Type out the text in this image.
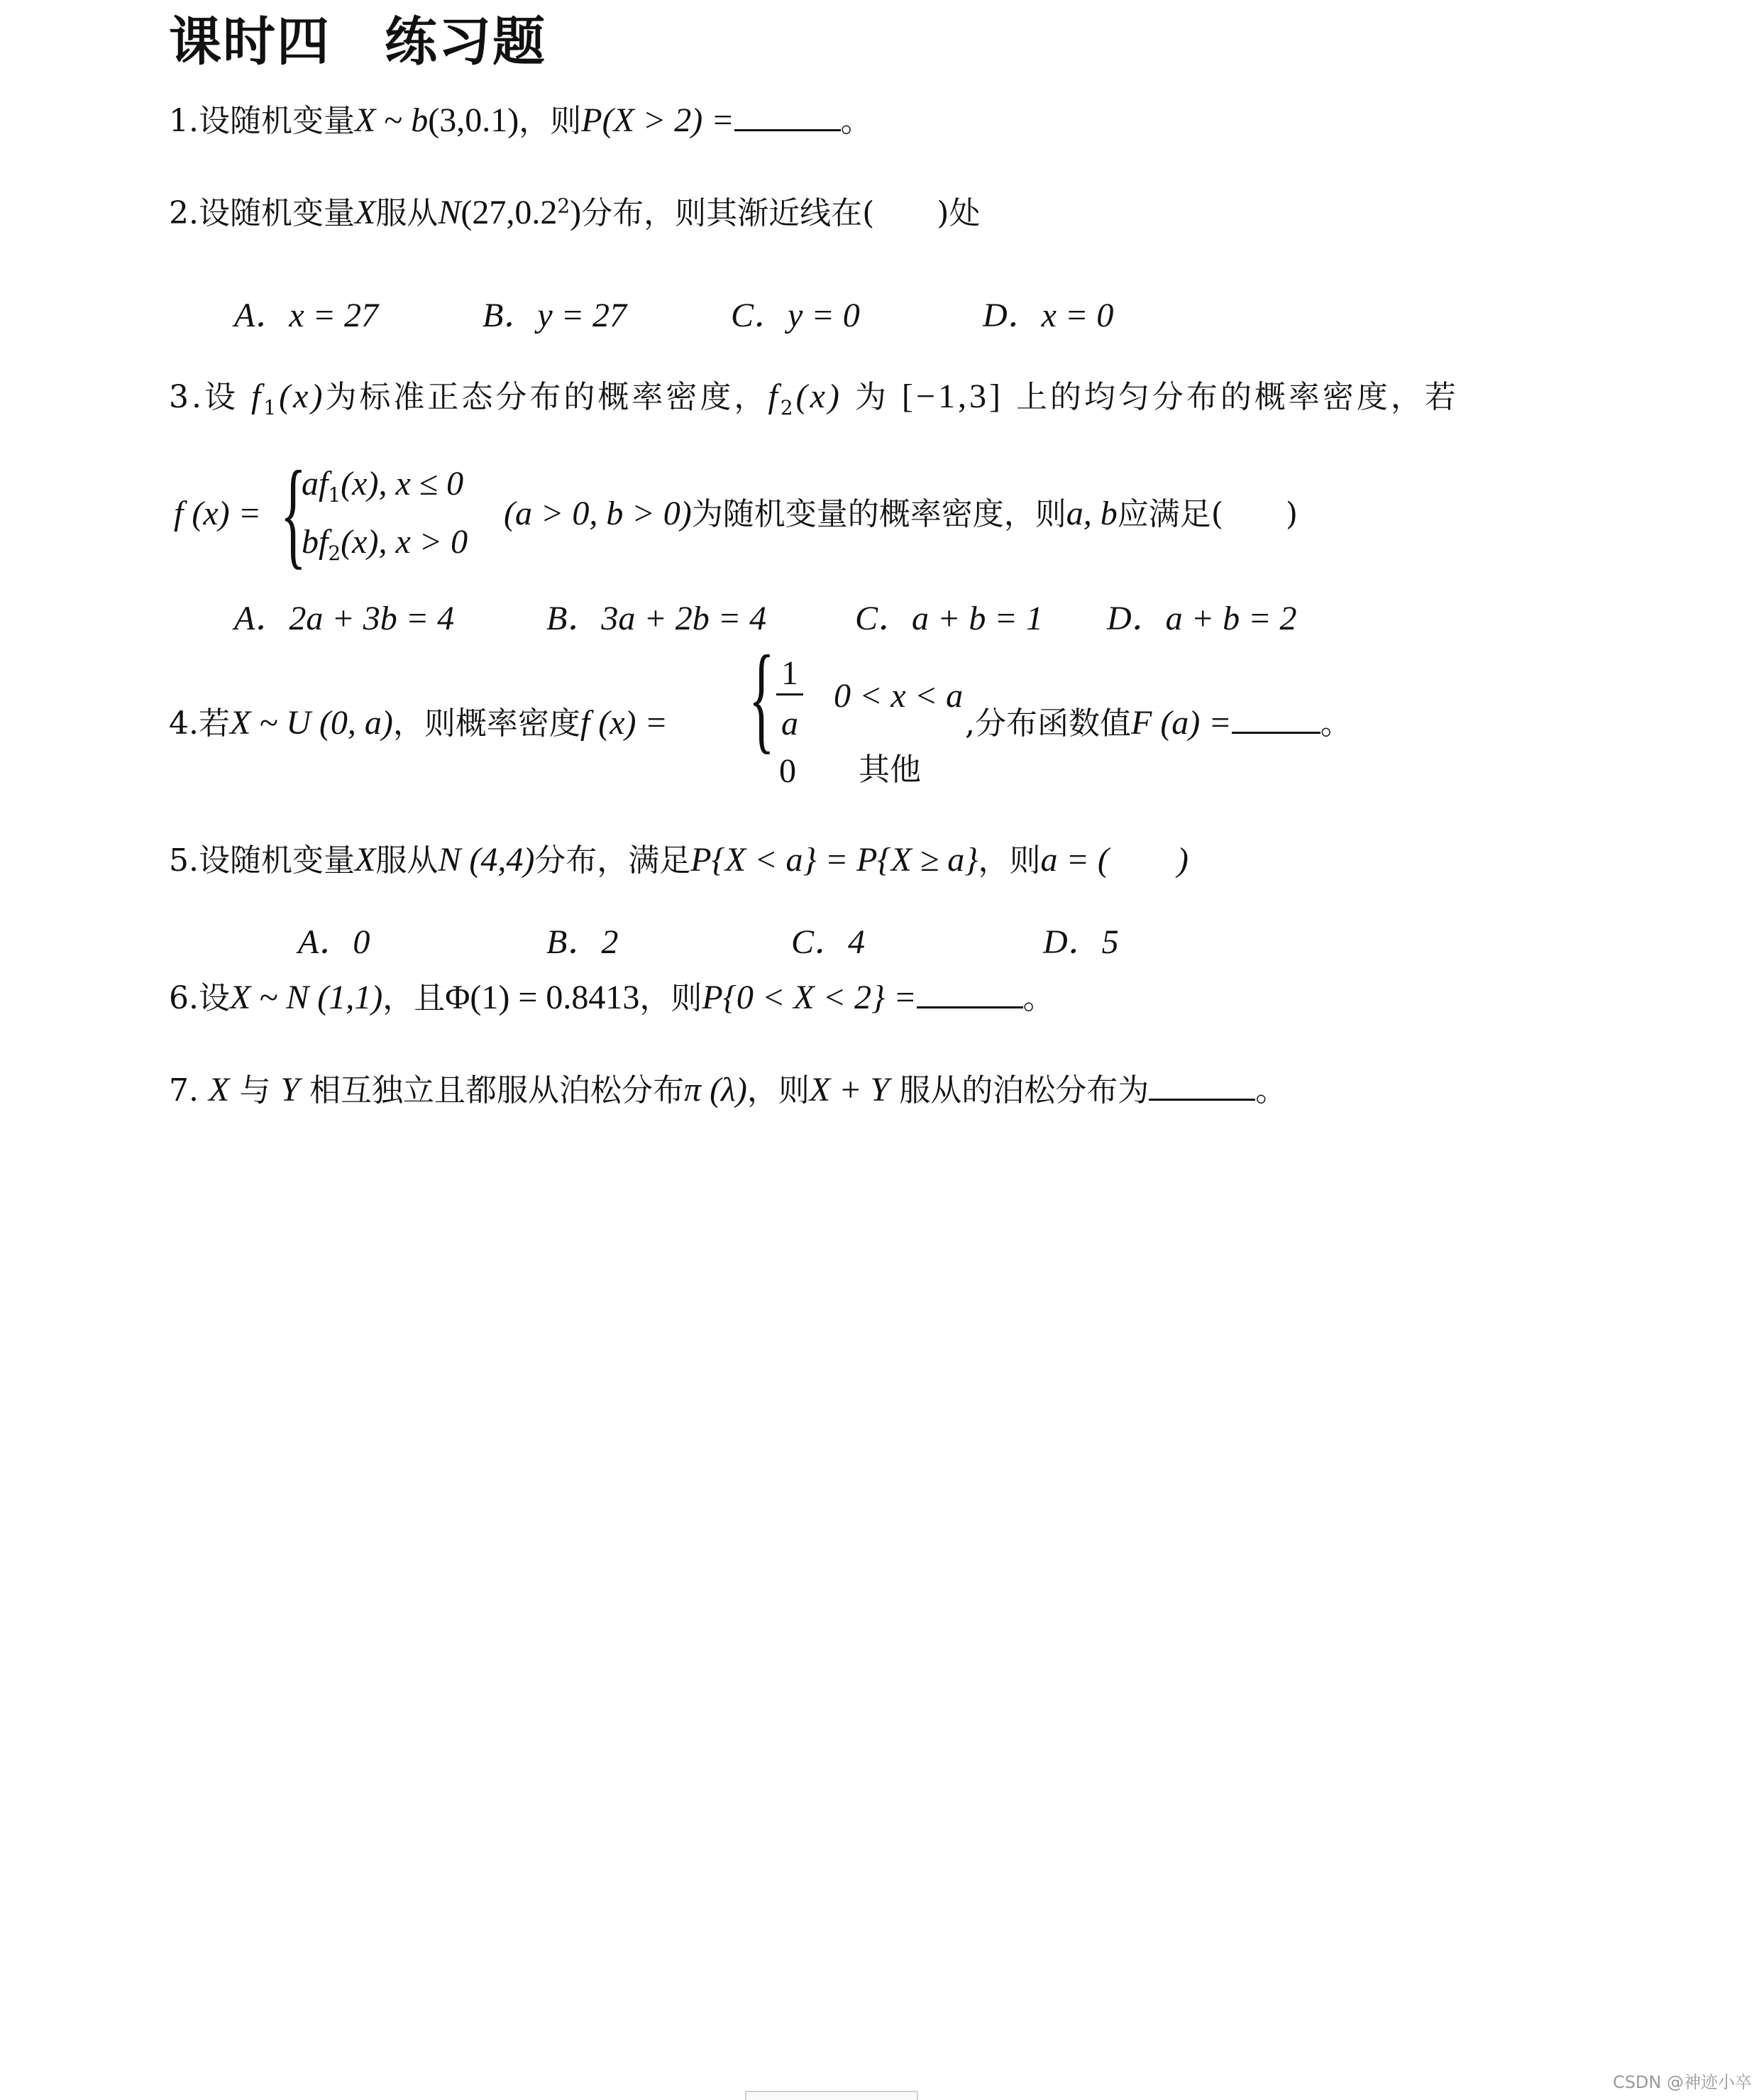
课时四　练习题
1.设随机变量X ~ b(3,0.1)，则P(X > 2) =	。
2.设随机变量X服从N(27,0.2$^2$)分布，则其渐近线在(　　)处
A．x = 27	B．y = 27	C．y = 0	D．x = 0
3.设 $f_1(x)$为标准正态分布的概率密度，$f_2(x)$ 为 [−1,3] 上的均匀分布的概率密度，若
f (x) = {
$af_1(x)$, x ≤ 0
$bf_2(x)$, x > 0
(a > 0, b > 0)为随机变量的概率密度，则a, b应满足(　　)
A．2a + 3b = 4	B．3a + 2b = 4	C．a + b = 1 D．a + b = 2
4.若X ~ U (0, a)，则概率密度f (x) = { 1
a
0 < x < a
0 其他
,分布函数值F (a) =	。
5.设随机变量X服从N (4,4)分布，满足P{X < a} = P{X ≥ a}，则a = (　　)
A．0	B．2	C．4	D．5
6.设X ~ N (1,1)，且Φ(1) = 0.8413，则P{0 < X < 2} =	。
7. X 与 Y 相互独立且都服从泊松分布π (λ)，则X + Y 服从的泊松分布为	。
CSDN @神迹小卒
